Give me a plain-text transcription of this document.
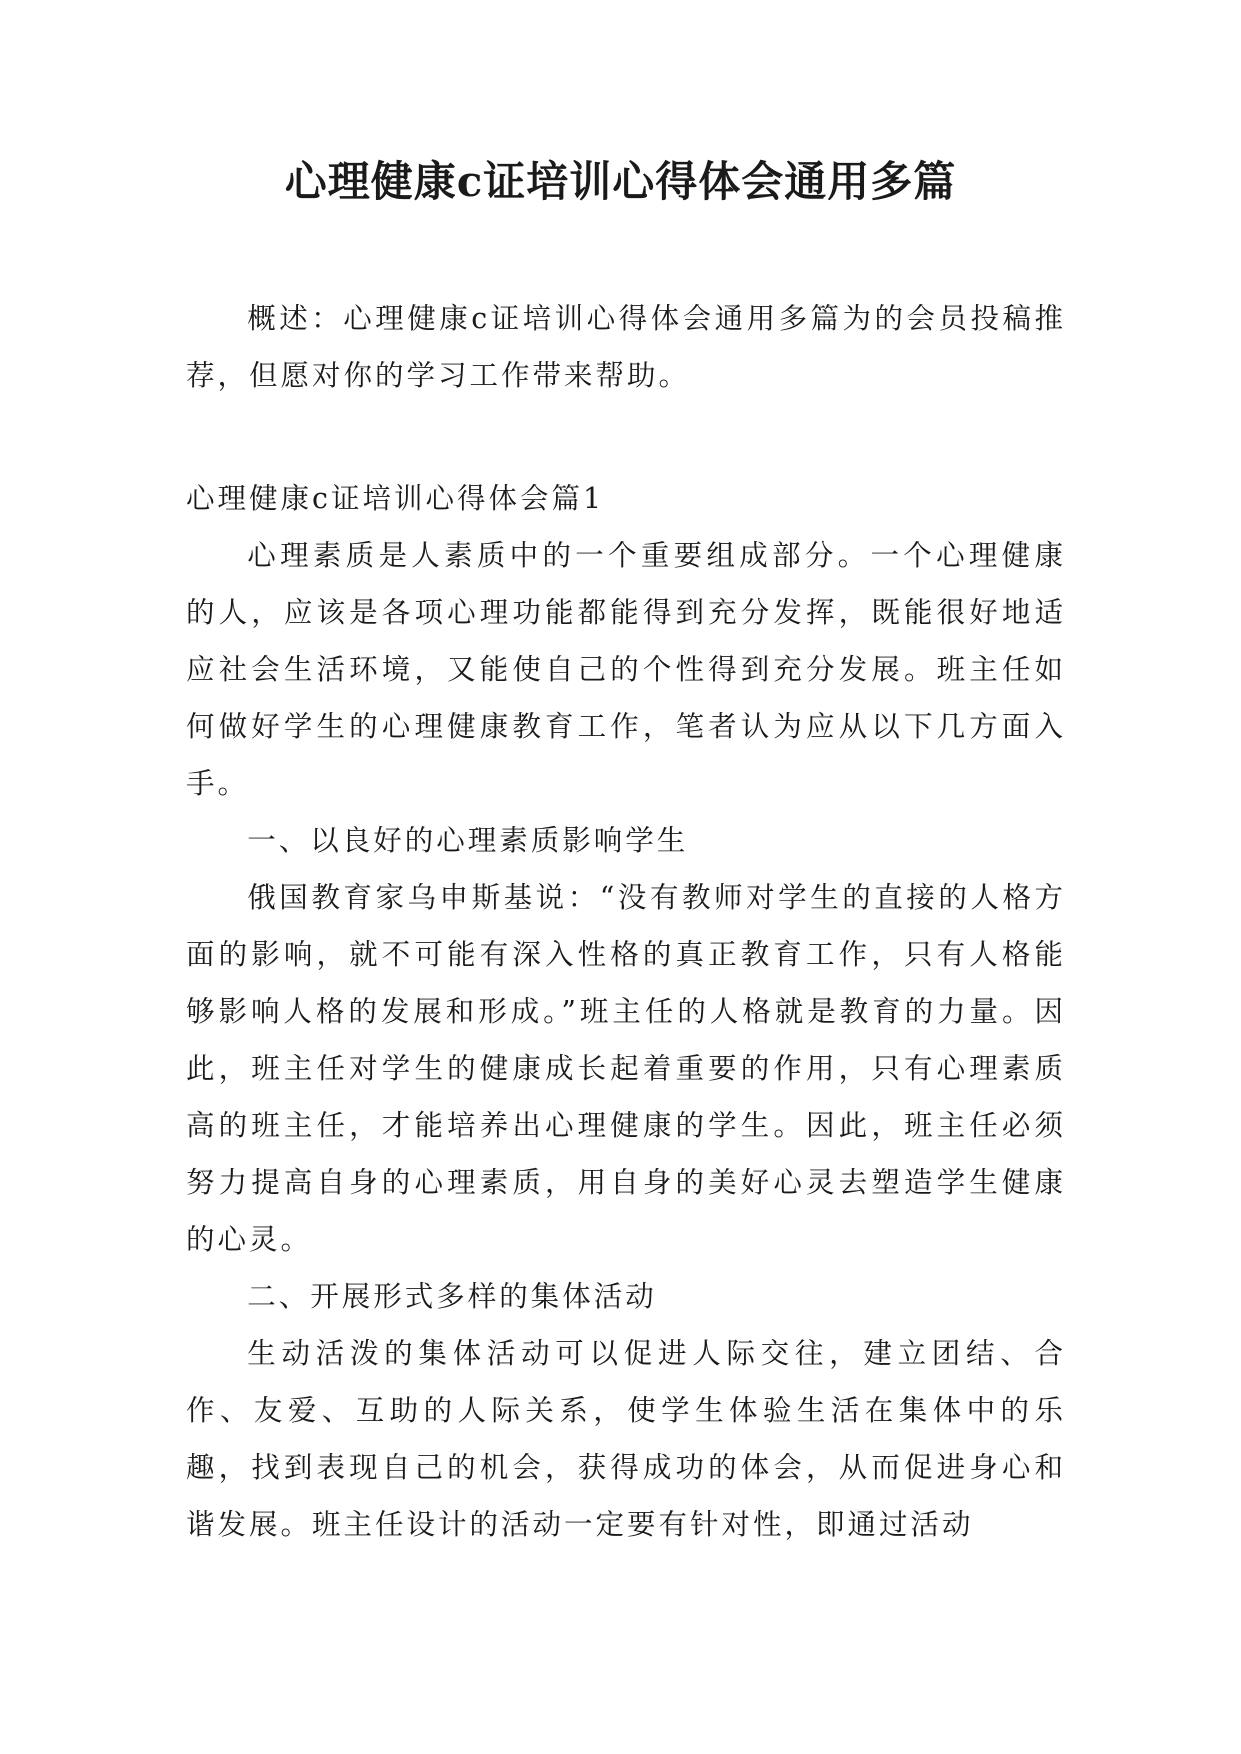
心理健康c证培训心得体会通用多篇

概述：心理健康c证培训心得体会通用多篇为的会员投稿推荐，但愿对你的学习工作带来帮助。

心理健康c证培训心得体会篇1

心理素质是人素质中的一个重要组成部分。一个心理健康的人，应该是各项心理功能都能得到充分发挥，既能很好地适应社会生活环境，又能使自己的个性得到充分发展。班主任如何做好学生的心理健康教育工作，笔者认为应从以下几方面入手。

一、以良好的心理素质影响学生

俄国教育家乌申斯基说：“没有教师对学生的直接的人格方面的影响，就不可能有深入性格的真正教育工作，只有人格能够影响人格的发展和形成。”班主任的人格就是教育的力量。因此，班主任对学生的健康成长起着重要的作用，只有心理素质高的班主任，才能培养出心理健康的学生。因此，班主任必须努力提高自身的心理素质，用自身的美好心灵去塑造学生健康的心灵。

二、开展形式多样的集体活动

生动活泼的集体活动可以促进人际交往，建立团结、合作、友爱、互助的人际关系，使学生体验生活在集体中的乐趣，找到表现自己的机会，获得成功的体会，从而促进身心和谐发展。班主任设计的活动一定要有针对性，即通过活动
